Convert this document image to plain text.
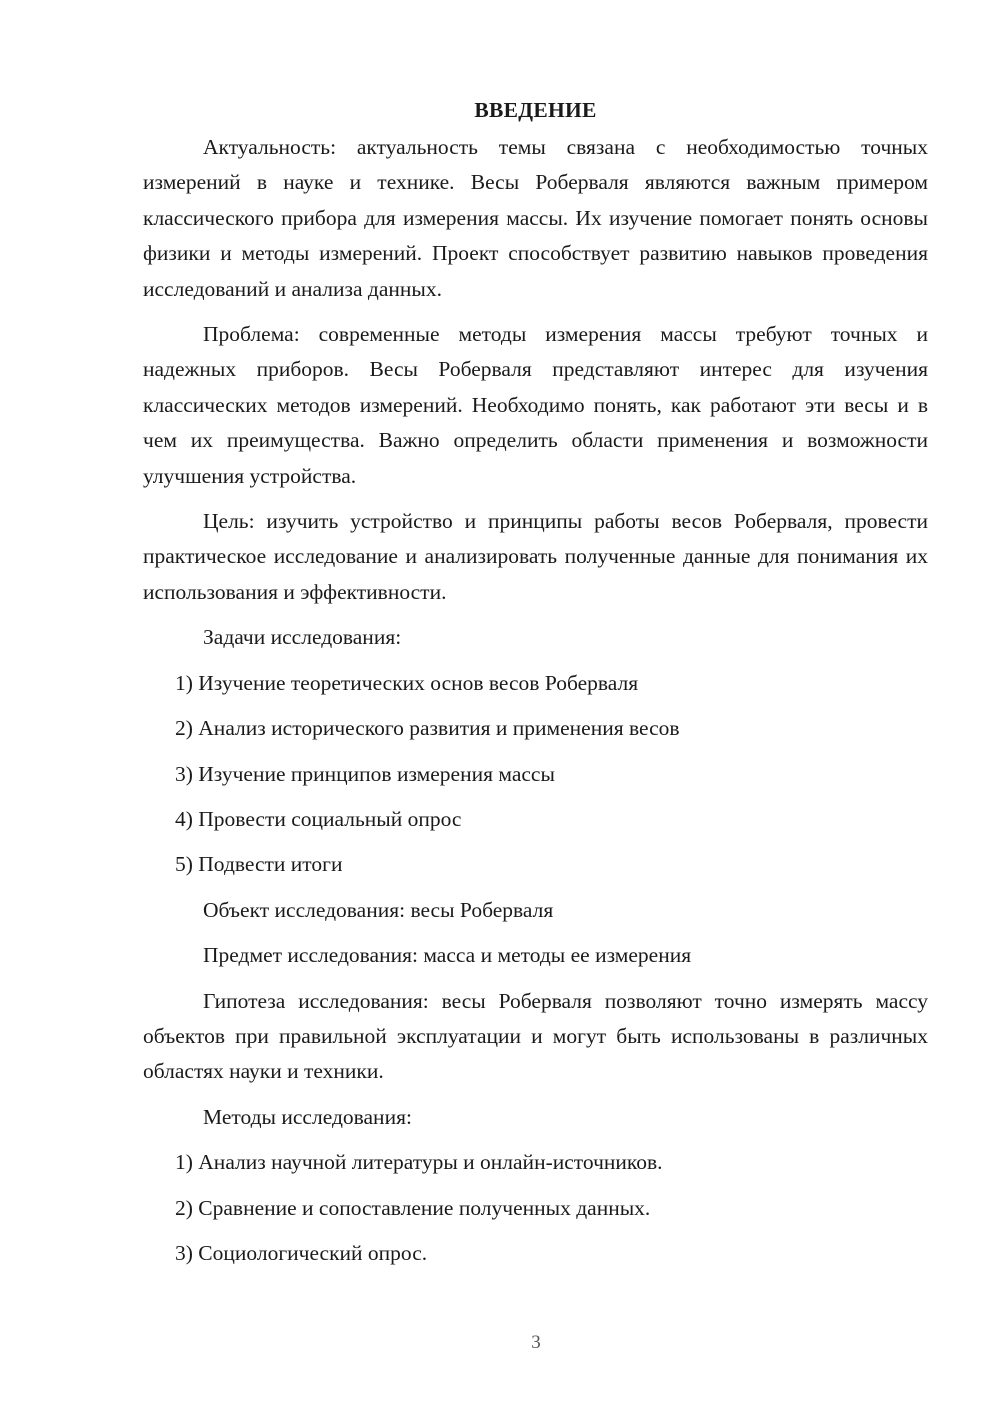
ВВЕДЕНИЕ

Актуальность: актуальность темы связана с необходимостью точных измерений в науке и технике. Весы Роберваля являются важным примером классического прибора для измерения массы. Их изучение помогает понять основы физики и методы измерений. Проект способствует развитию навыков проведения исследований и анализа данных.

Проблема: современные методы измерения массы требуют точных и надежных приборов. Весы Роберваля представляют интерес для изучения классических методов измерений. Необходимо понять, как работают эти весы и в чем их преимущества. Важно определить области применения и возможности улучшения устройства.

Цель: изучить устройство и принципы работы весов Роберваля, провести практическое исследование и анализировать полученные данные для понимания их использования и эффективности.

Задачи исследования:

1) Изучение теоретических основ весов Роберваля

2) Анализ исторического развития и применения весов

3) Изучение принципов измерения массы

4) Провести социальный опрос

5) Подвести итоги

Объект исследования: весы Роберваля

Предмет исследования: масса и методы ее измерения

Гипотеза исследования: весы Роберваля позволяют точно измерять массу объектов при правильной эксплуатации и могут быть использованы в различных областях науки и техники.

Методы исследования:

1) Анализ научной литературы и онлайн-источников.

2) Сравнение и сопоставление полученных данных.

3) Социологический опрос.

3
